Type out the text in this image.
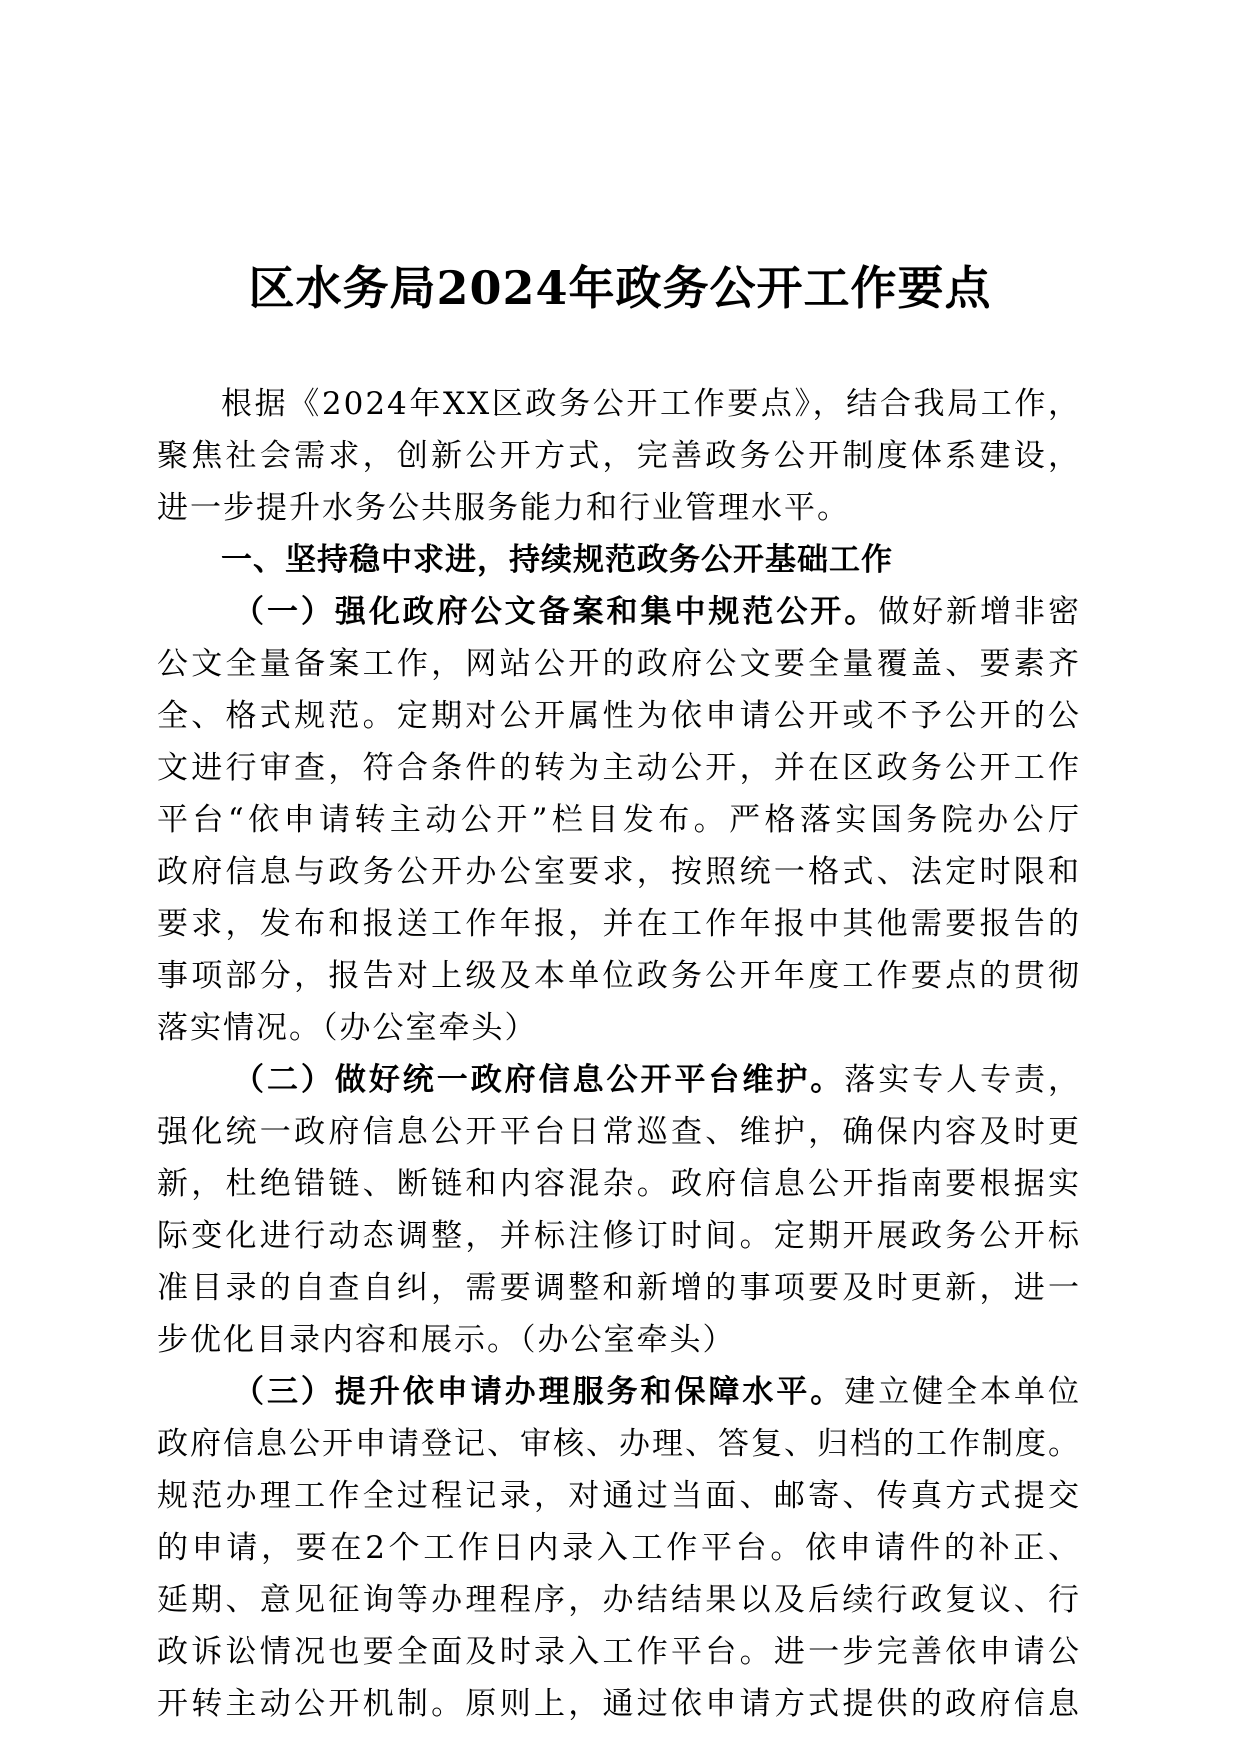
区水务局2024年政务公开工作要点
根据《2024年XX区政务公开工作要点》，结合我局工作，
聚焦社会需求，创新公开方式，完善政务公开制度体系建设，
进一步提升水务公共服务能力和行业管理水平。
一、坚持稳中求进，持续规范政务公开基础工作
（一）强化政府公文备案和集中规范公开。做好新增非密
公文全量备案工作，网站公开的政府公文要全量覆盖、要素齐
全、格式规范。定期对公开属性为依申请公开或不予公开的公
文进行审查，符合条件的转为主动公开，并在区政务公开工作
平台“依申请转主动公开”栏目发布。严格落实国务院办公厅
政府信息与政务公开办公室要求，按照统一格式、法定时限和
要求，发布和报送工作年报，并在工作年报中其他需要报告的
事项部分，报告对上级及本单位政务公开年度工作要点的贯彻
落实情况。（办公室牵头）
（二）做好统一政府信息公开平台维护。落实专人专责，
强化统一政府信息公开平台日常巡查、维护，确保内容及时更
新，杜绝错链、断链和内容混杂。政府信息公开指南要根据实
际变化进行动态调整，并标注修订时间。定期开展政务公开标
准目录的自查自纠，需要调整和新增的事项要及时更新，进一
步优化目录内容和展示。（办公室牵头）
（三）提升依申请办理服务和保障水平。建立健全本单位
政府信息公开申请登记、审核、办理、答复、归档的工作制度。
规范办理工作全过程记录，对通过当面、邮寄、传真方式提交
的申请，要在2个工作日内录入工作平台。依申请件的补正、
延期、意见征询等办理程序，办结结果以及后续行政复议、行
政诉讼情况也要全面及时录入工作平台。进一步完善依申请公
开转主动公开机制。原则上，通过依申请方式提供的政府信息
